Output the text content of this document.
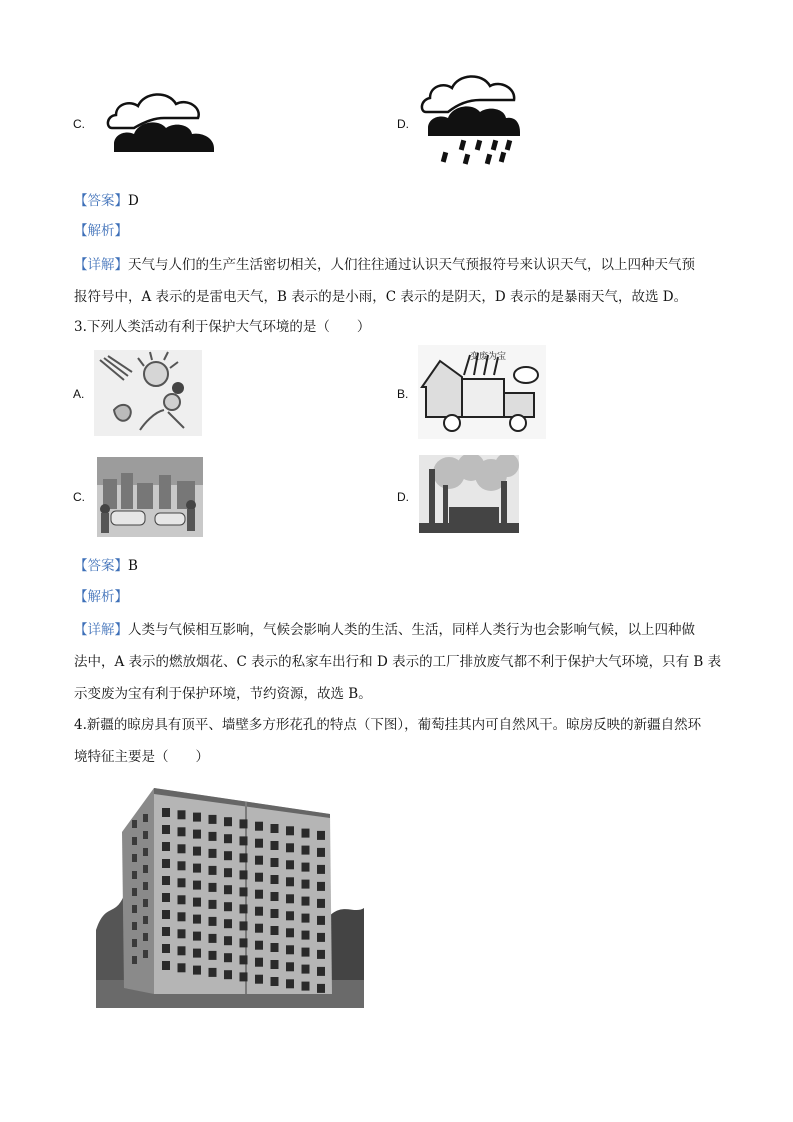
C.	D.
【答案】D
【解析】
【详解】天气与人们的生产生活密切相关，人们往往通过认识天气预报符号来认识天气，以上四种天气预
报符号中，A 表示的是雷电天气，B 表示的是小雨，C 表示的是阴天，D 表示的是暴雨天气，故选 D。
3.下列人类活动有利于保护大气环境的是（　　）
A.	B.
变废为宝
C.	D.
【答案】B
【解析】
【详解】人类与气候相互影响，气候会影响人类的生活、生活，同样人类行为也会影响气候，以上四种做
法中，A 表示的燃放烟花、C 表示的私家车出行和 D 表示的工厂排放废气都不利于保护大气环境，只有 B 表
示变废为宝有利于保护环境，节约资源，故选 B。
4.新疆的晾房具有顶平、墙壁多方形花孔的特点（下图），葡萄挂其内可自然风干。晾房反映的新疆自然环
境特征主要是（　　）
